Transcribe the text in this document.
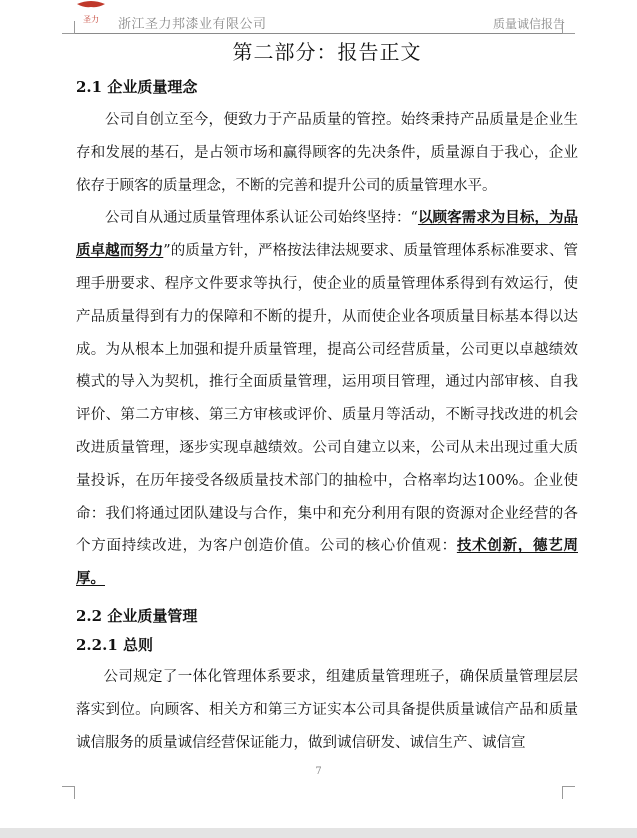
圣力 浙江圣力邦漆业有限公司	质量诚信报告
第二部分：报告正文
2.1 企业质量理念

公司自创立至今，便致力于产品质量的管控。始终秉持产品质量是企业生存和发展的基石，是占领市场和赢得顾客的先决条件，质量源自于我心，企业依存于顾客的质量理念，不断的完善和提升公司的质量管理水平。

公司自从通过质量管理体系认证公司始终坚持：“以顾客需求为目标，为品质卓越而努力”的质量方针，严格按法律法规要求、质量管理体系标准要求、管理手册要求、程序文件要求等执行，使企业的质量管理体系得到有效运行，使产品质量得到有力的保障和不断的提升，从而使企业各项质量目标基本得以达成。为从根本上加强和提升质量管理，提高公司经营质量，公司更以卓越绩效模式的导入为契机，推行全面质量管理，运用项目管理，通过内部审核、自我评价、第二方审核、第三方审核或评价、质量月等活动，不断寻找改进的机会改进质量管理，逐步实现卓越绩效。公司自建立以来，公司从未出现过重大质量投诉，在历年接受各级质量技术部门的抽检中，合格率均达100%。企业使命：我们将通过团队建设与合作，集中和充分利用有限的资源对企业经营的各个方面持续改进，为客户创造价值。公司的核心价值观：技术创新，德艺周厚。

2.2 企业质量管理
2.2.1 总则

公司规定了一体化管理体系要求，组建质量管理班子，确保质量管理层层落实到位。向顾客、相关方和第三方证实本公司具备提供质量诚信产品和质量诚信服务的质量诚信经营保证能力，做到诚信研发、诚信生产、诚信宣

7
